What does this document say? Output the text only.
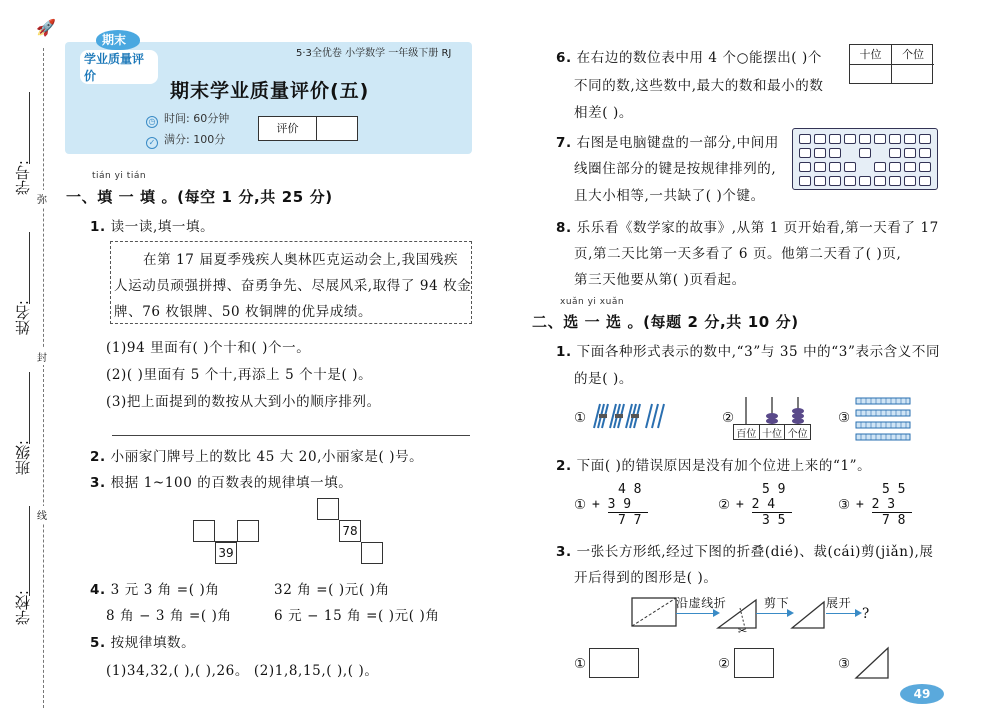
🚀
学号:
姓名:
班级:
学校:
弥
封
线
期末
学业质量评价
5·3全优卷 小学数学 一年级下册 RJ
期末学业质量评价(五)
◷ 时间: 60分钟
✓ 满分: 100分
评价
tián yi tián
一、填 一 填 。(每空 1 分,共 25 分)
1. 读一读,填一填。
在第 17 届夏季残疾人奥林匹克运动会上,我国残疾
人运动员顽强拼搏、奋勇争先、尽展风采,取得了 94 枚金
牌、76 枚银牌、50 枚铜牌的优异成绩。
(1)94 里面有( )个十和( )个一。
(2)( )里面有 5 个十,再添上 5 个十是( )。
(3)把上面提到的数按从大到小的顺序排列。
2. 小丽家门牌号上的数比 45 大 20,小丽家是( )号。
3. 根据 1~100 的百数表的规律填一填。
39
78
4. 3 元 3 角 =( )角	32 角 =( )元( )角
8 角 − 3 角 =( )角	6 元 − 15 角 =( )元( )角
5. 按规律填数。
(1)34,32,( ),( ),26。 (2)1,8,15,( ),( )。
6. 在右边的数位表中用 4 个○能摆出( )个
不同的数,这些数中,最大的数和最小的数
相差( )。
十位	个位
7. 右图是电脑键盘的一部分,中间用
线圈住部分的键是按规律排列的,
且大小相等,一共缺了( )个键。
8. 乐乐看《数学家的故事》,从第 1 页开始看,第一天看了 17
页,第二天比第一天多看了 6 页。他第二天看了( )页,
第三天他要从第( )页看起。
xuǎn yi xuǎn
二、选 一 选 。(每题 2 分,共 10 分)
1. 下面各种形式表示的数中,“3”与 35 中的“3”表示含义不同
的是( )。
①	②
百位 十位 个位
③
2. 下面( )的错误原因是没有加个位进上来的“1”。
①
4 8
+ 3 9
7 7
②
5 9
+ 2 4
3 5
③
5 5
+ 2 3
7 8
3. 一张长方形纸,经过下图的折叠(dié)、裁(cái)剪(jiǎn),展
开后得到的图形是( )。
沿虚线折
✂
剪下	展开
?
①	②	③
49
